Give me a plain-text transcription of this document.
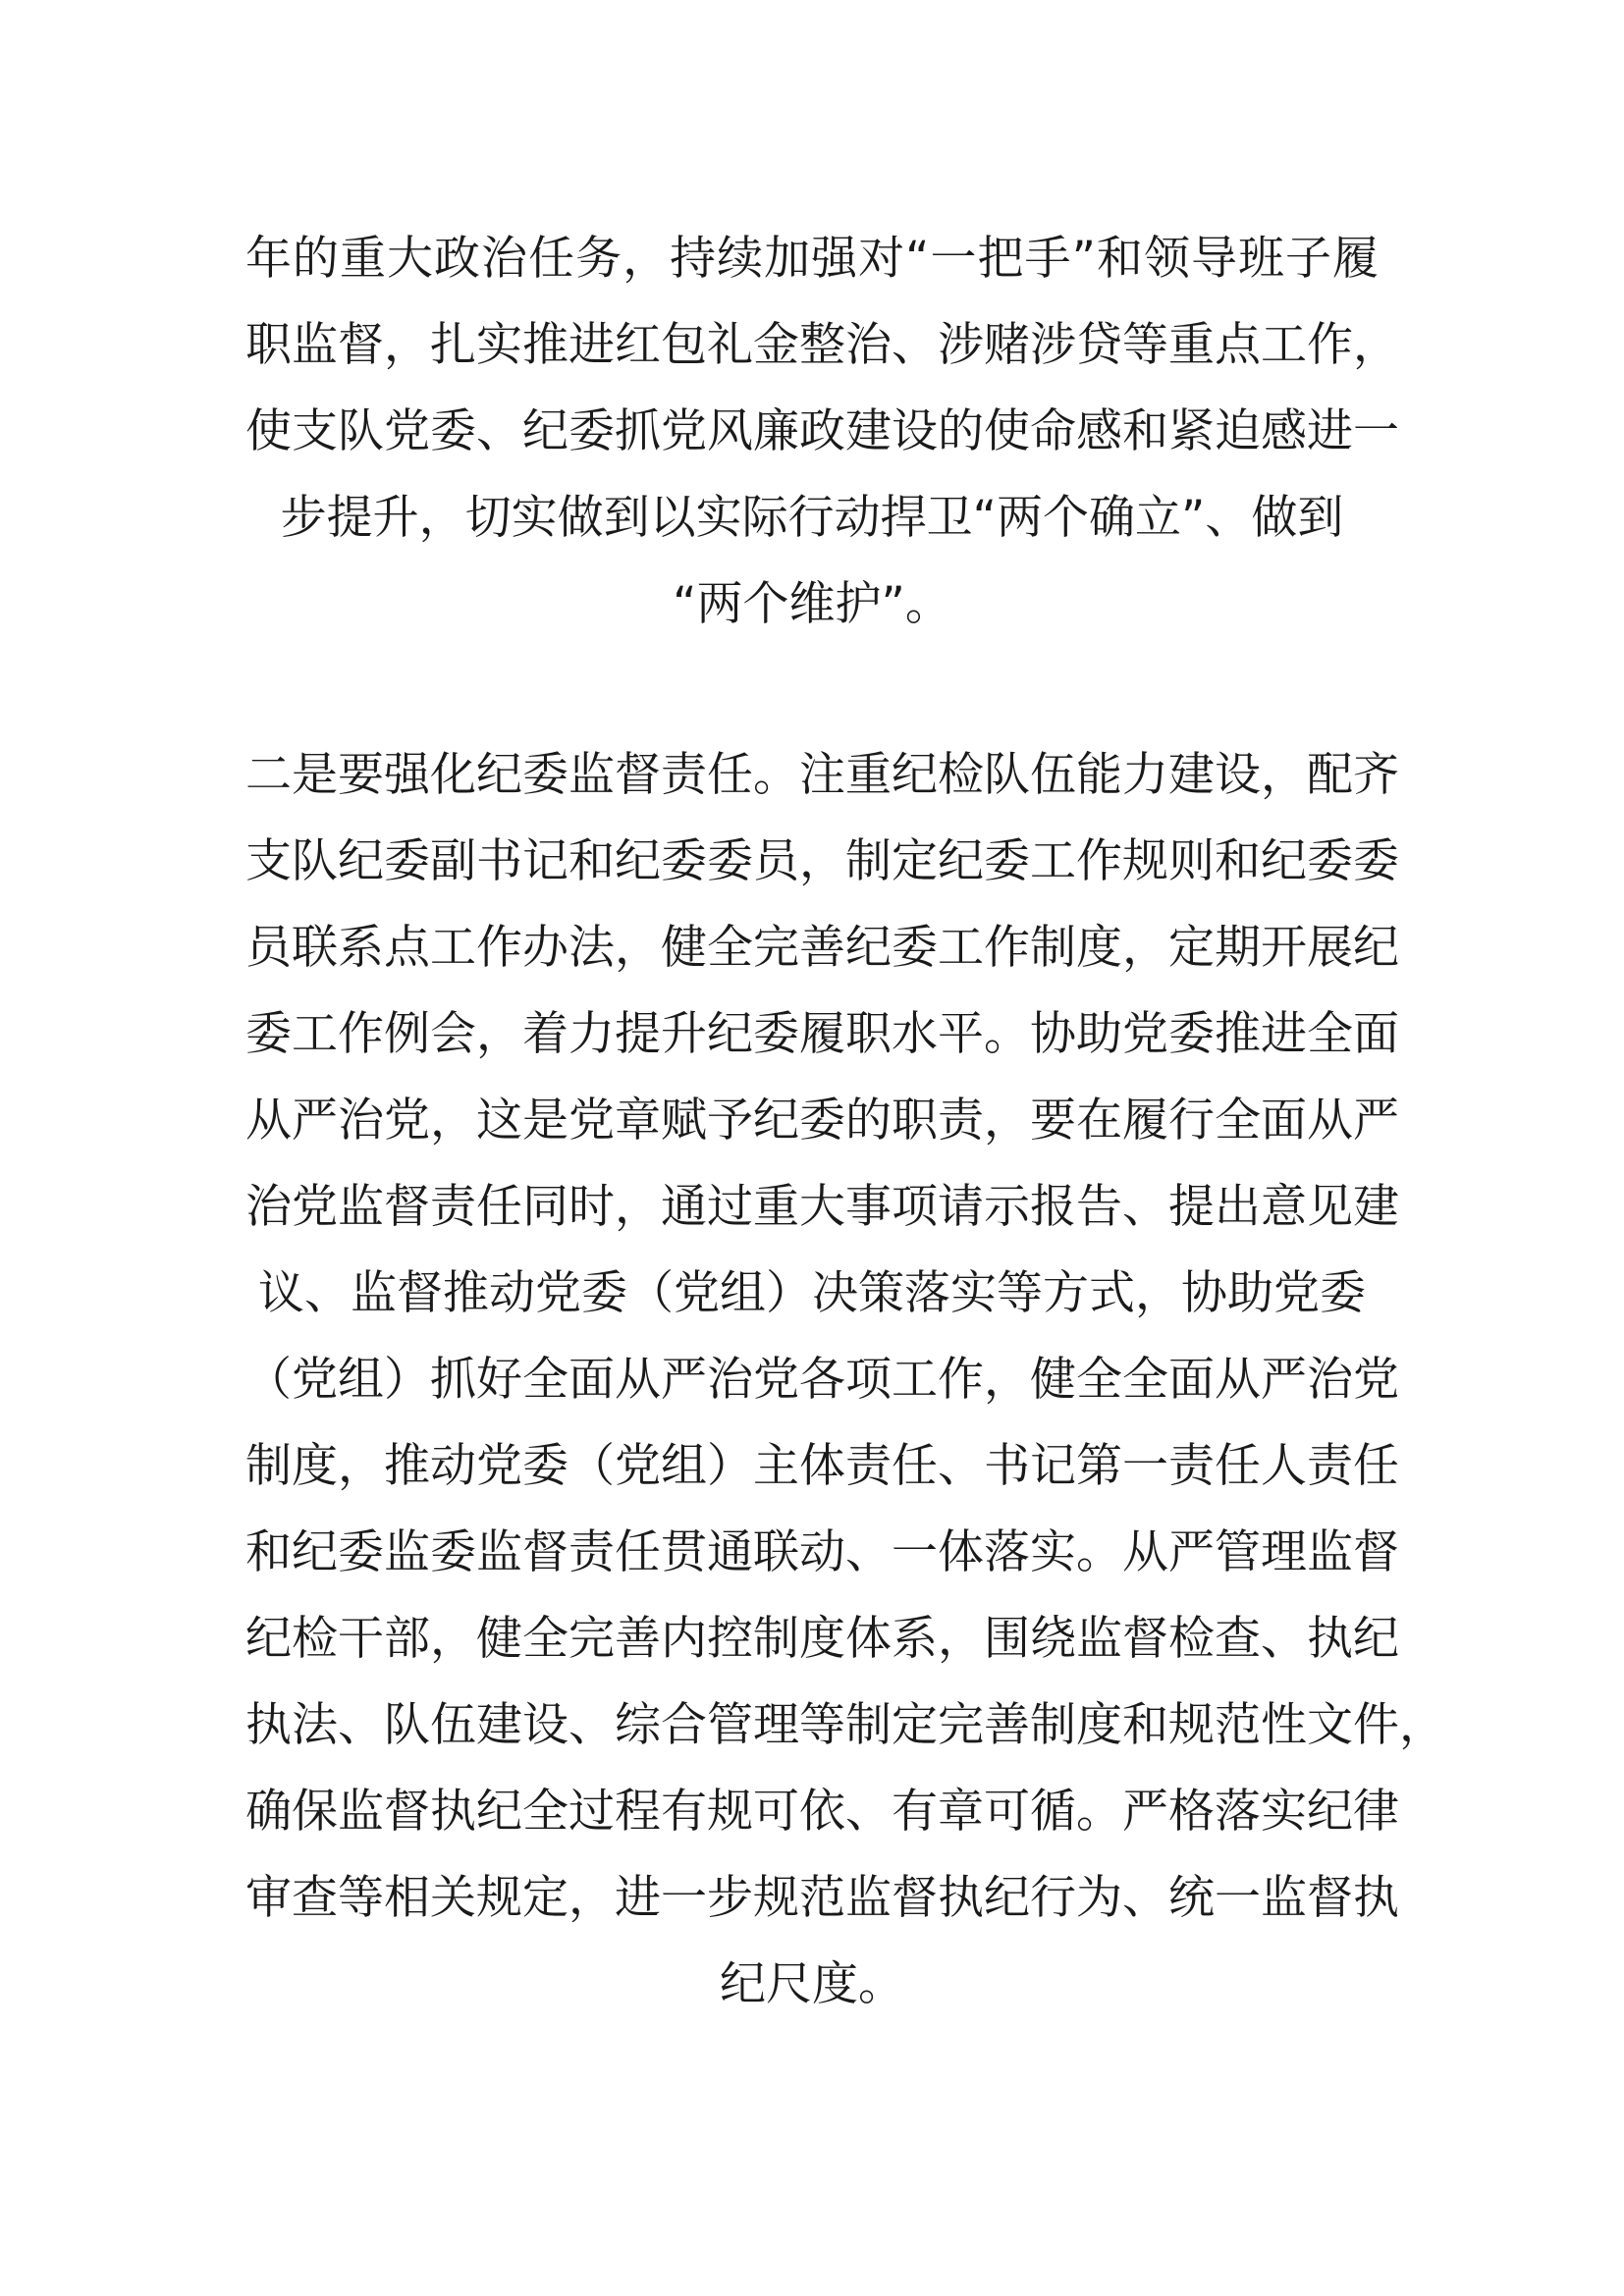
年的重大政治任务，持续加强对“一把手”和领导班子履

职监督，扎实推进红包礼金整治、涉赌涉贷等重点工作，

使支队党委、纪委抓党风廉政建设的使命感和紧迫感进一

步提升，切实做到以实际行动捍卫“两个确立”、做到

“两个维护”。

二是要强化纪委监督责任。注重纪检队伍能力建设，配齐

支队纪委副书记和纪委委员，制定纪委工作规则和纪委委

员联系点工作办法，健全完善纪委工作制度，定期开展纪

委工作例会，着力提升纪委履职水平。协助党委推进全面

从严治党，这是党章赋予纪委的职责，要在履行全面从严

治党监督责任同时，通过重大事项请示报告、提出意见建

议、监督推动党委（党组）决策落实等方式，协助党委

（党组）抓好全面从严治党各项工作，健全全面从严治党

制度，推动党委（党组）主体责任、书记第一责任人责任

和纪委监委监督责任贯通联动、一体落实。从严管理监督

纪检干部，健全完善内控制度体系，围绕监督检查、执纪

执法、队伍建设、综合管理等制定完善制度和规范性文件，

确保监督执纪全过程有规可依、有章可循。严格落实纪律

审查等相关规定，进一步规范监督执纪行为、统一监督执

纪尺度。
